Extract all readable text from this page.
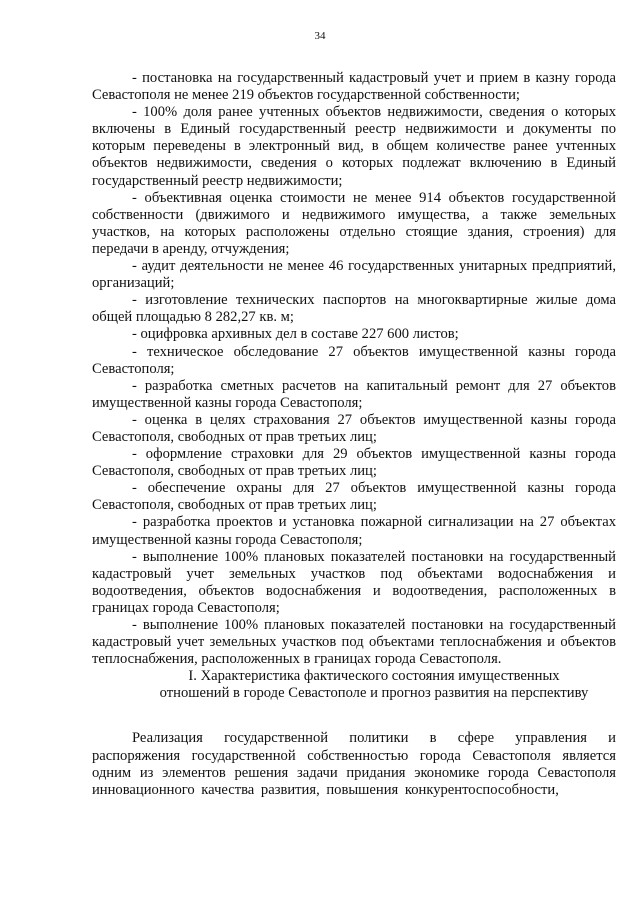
34

- постановка на государственный кадастровый учет и прием в казну города Севастополя не менее 219 объектов государственной собственности;

- 100% доля ранее учтенных объектов недвижимости, сведения о которых включены в Единый государственный реестр недвижимости и документы по которым переведены в электронный вид, в общем количестве ранее учтенных объектов недвижимости, сведения о которых подлежат включению в Единый государственный реестр недвижимости;

- объективная оценка стоимости не менее 914 объектов государственной собственности (движимого и недвижимого имущества, а также земельных участков, на которых расположены отдельно стоящие здания, строения) для передачи в аренду, отчуждения;

- аудит деятельности не менее 46 государственных унитарных предприятий, организаций;

- изготовление технических паспортов на многоквартирные жилые дома общей площадью 8 282,27 кв. м;

- оцифровка архивных дел в составе 227 600 листов;

- техническое обследование 27 объектов имущественной казны города Севастополя;

- разработка сметных расчетов на капитальный ремонт для 27 объектов имущественной казны города Севастополя;

- оценка в целях страхования 27 объектов имущественной казны города Севастополя, свободных от прав третьих лиц;

- оформление страховки для 29 объектов имущественной казны города Севастополя, свободных от прав третьих лиц;

- обеспечение охраны для 27 объектов имущественной казны города Севастополя, свободных от прав третьих лиц;

- разработка проектов и установка пожарной сигнализации на 27 объектах имущественной казны города Севастополя;

- выполнение 100% плановых показателей постановки на государственный кадастровый учет земельных участков под объектами водоснабжения и водоотведения, объектов водоснабжения и водоотведения, расположенных в границах города Севастополя;

- выполнение 100% плановых показателей постановки на государственный кадастровый учет земельных участков под объектами теплоснабжения и объектов теплоснабжения, расположенных в границах города Севастополя.

I. Характеристика фактического состояния имущественных
отношений в городе Севастополе и прогноз развития на перспективу

Реализация государственной политики в сфере управления и распоряжения государственной собственностью города Севастополя является одним из элементов решения задачи придания экономике города Севастополя инновационного качества развития, повышения конкурентоспособности,
